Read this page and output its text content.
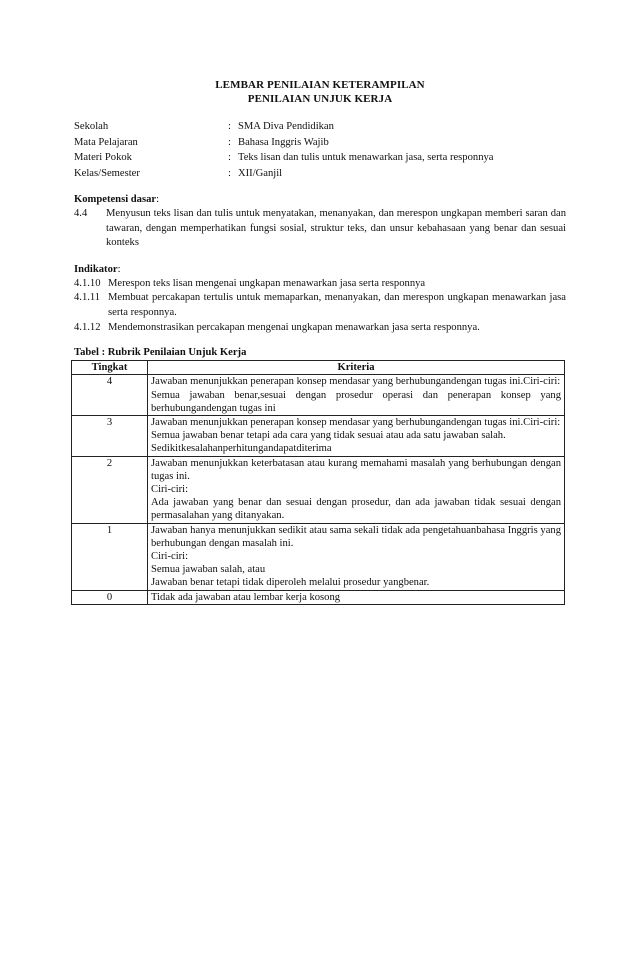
LEMBAR PENILAIAN KETERAMPILAN
PENILAIAN UNJUK KERJA
Sekolah	: SMA Diva Pendidikan
Mata Pelajaran	: Bahasa Inggris Wajib
Materi Pokok	: Teks lisan dan tulis untuk menawarkan jasa, serta responnya
Kelas/Semester	: XII/Ganjil
Kompetensi dasar:
4.4	Menyusun teks lisan dan tulis untuk menyatakan, menanyakan, dan merespon ungkapan memberi saran dan tawaran, dengan memperhatikan fungsi sosial, struktur teks, dan unsur kebahasaan yang benar dan sesuai konteks
Indikator:
4.1.10 Merespon teks lisan mengenai ungkapan menawarkan jasa serta responnya
4.1.11 Membuat percakapan tertulis untuk memaparkan, menanyakan, dan merespon ungkapan menawarkan jasa serta responnya.
4.1.12 Mendemonstrasikan percakapan mengenai ungkapan menawarkan jasa serta responnya.
Tabel : Rubrik Penilaian Unjuk Kerja
Tingkat	Kriteria
4	Jawaban menunjukkan penerapan konsep mendasar yang berhubungandengan tugas ini.Ciri-ciri:
Semua jawaban benar,sesuai dengan prosedur operasi dan penerapan konsep yang berhubungandengan tugas ini

3	Jawaban menunjukkan penerapan konsep mendasar yang berhubungandengan tugas ini.Ciri-ciri:
Semua jawaban benar tetapi ada cara yang tidak sesuai atau ada satu jawaban salah.
Sedikitkesalahanperhitungandapatditerima

2	Jawaban menunjukkan keterbatasan atau kurang memahami masalah yang berhubungan dengan tugas ini.
Ciri-ciri:
Ada jawaban yang benar dan sesuai dengan prosedur, dan ada jawaban tidak sesuai dengan permasalahan yang ditanyakan.

1	Jawaban hanya menunjukkan sedikit atau sama sekali tidak ada pengetahuanbahasa Inggris yang berhubungan dengan masalah ini.
Ciri-ciri:
Semua jawaban salah, atau
Jawaban benar tetapi tidak diperoleh melalui prosedur yangbenar.

0	Tidak ada jawaban atau lembar kerja kosong
